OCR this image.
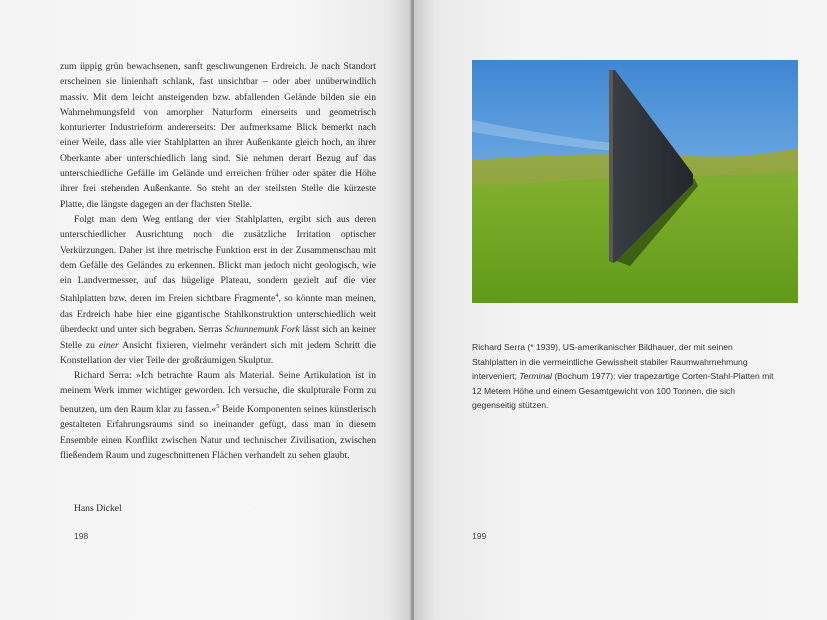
zum üppig grün bewachsenen, sanft geschwungenen Erdreich. Je nach Standort erscheinen sie linienhaft schlank, fast unsichtbar – oder aber unüberwindlich massiv. Mit dem leicht ansteigenden bzw. abfallenden Gelände bilden sie ein Wahrnehmungsfeld von amorpher Naturform einerseits und geometrisch konturierter Industrieform andererseits: Der aufmerksame Blick bemerkt nach einer Weile, dass alle vier Stahlplatten an ihrer Außenkante gleich hoch, an ihrer Oberkante aber unterschiedlich lang sind. Sie nehmen derart Bezug auf das unterschiedliche Gefälle im Gelände und erreichen früher oder später die Höhe ihrer frei stehenden Außenkante. So steht an der steilsten Stelle die kürzeste Platte, die längste dagegen an der flachsten Stelle.

Folgt man dem Weg entlang der vier Stahlplatten, ergibt sich aus deren unterschiedlicher Ausrichtung noch die zusätzliche Irritation optischer Verkürzungen. Daher ist ihre metrische Funktion erst in der Zusammenschau mit dem Gefälle des Geländes zu erkennen. Blickt man jedoch nicht geologisch, wie ein Landvermesser, auf das hügelige Plateau, sondern gezielt auf die vier Stahlplatten bzw. deren im Freien sichtbare Fragmente$^4$, so könnte man meinen, das Erdreich habe hier eine gigantische Stahlkonstruktion unterschiedlich weit überdeckt und unter sich begraben. Serras Schunnemunk Fork lässt sich an keiner Stelle zu einer Ansicht fixieren, vielmehr verändert sich mit jedem Schritt die Konstellation der vier Teile der großräumigen Skulptur.

Richard Serra: »Ich betrachte Raum als Material. Seine Artikulation ist in meinem Werk immer wichtiger geworden. Ich versuche, die skulpturale Form zu benutzen, um den Raum klar zu fassen.«$^5$ Beide Komponenten seines künstlerisch gestalteten Erfahrungsraums sind so ineinander gefügt, dass man in diesem Ensemble einen Konflikt zwischen Natur und technischer Zivilisation, zwischen fließendem Raum und zugeschnittenen Flächen verhandelt zu sehen glaubt.

Hans Dickel
198

Richard Serra (* 1939), US-amerikanischer Bildhauer, der mit seinen Stahlplatten in die vermeintliche Gewissheit stabiler Raumwahrnehmung interveniert; Terminal (Bochum 1977): vier trapezartige Corten-Stahl-Platten mit 12 Metern Höhe und einem Gesamtgewicht von 100 Tonnen, die sich gegenseitig stützen.

199
